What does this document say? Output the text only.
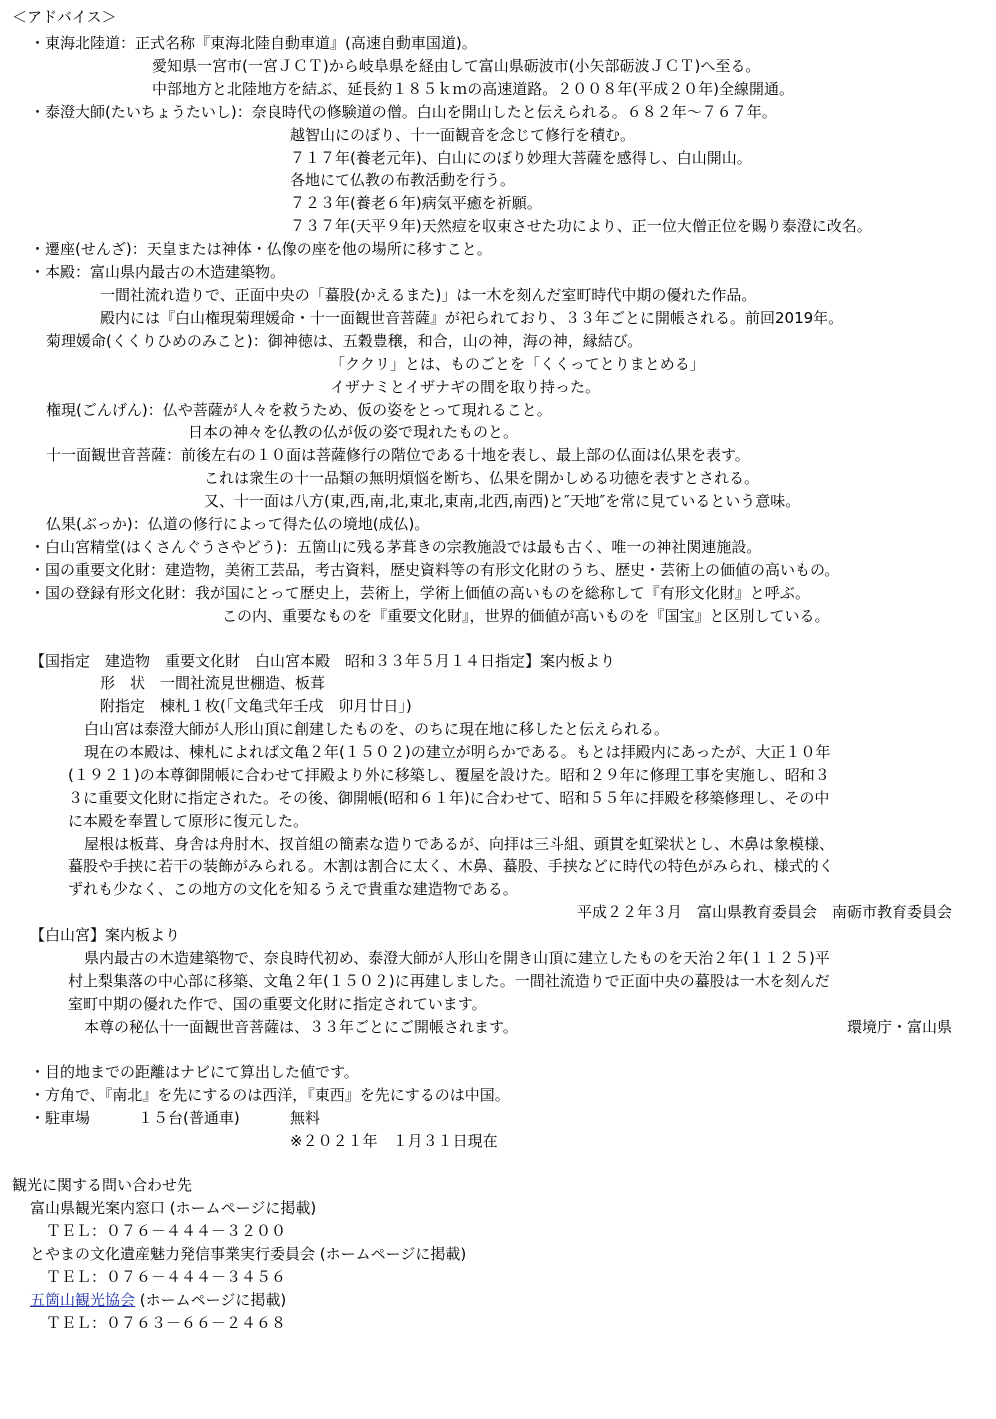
＜アドバイス＞
・東海北陸道：正式名称『東海北陸自動車道』(高速自動車国道)。
愛知県一宮市(一宮ＪＣＴ)から岐阜県を経由して富山県砺波市(小矢部砺波ＪＣＴ)へ至る。
中部地方と北陸地方を結ぶ、延長約１８５ｋｍの高速道路。２００８年(平成２０年)全線開通。
・泰澄大師(たいちょうたいし)：奈良時代の修験道の僧。白山を開山したと伝えられる。６８２年～７６７年。
越智山にのぼり、十一面観音を念じて修行を積む。
７１７年(養老元年)、白山にのぼり妙理大菩薩を感得し、白山開山。
各地にて仏教の布教活動を行う。
７２３年(養老６年)病気平癒を祈願。
７３７年(天平９年)天然痘を収束させた功により、正一位大僧正位を賜り泰澄に改名。
・遷座(せんざ)：天皇または神体・仏像の座を他の場所に移すこと。
・本殿：富山県内最古の木造建築物。
一間社流れ造りで、正面中央の「蟇股(かえるまた)」は一木を刻んだ室町時代中期の優れた作品。
殿内には『白山権現菊理媛命・十一面観世音菩薩』が祀られており、３３年ごとに開帳される。前回2019年。
菊理媛命(くくりひめのみこと)：御神徳は、五穀豊穣，和合，山の神，海の神，縁結び。
「ククリ」とは、ものごとを「くくってとりまとめる」
イザナミとイザナギの間を取り持った。
権現(ごんげん)：仏や菩薩が人々を救うため、仮の姿をとって現れること。
日本の神々を仏教の仏が仮の姿で現れたものと。
十一面観世音菩薩：前後左右の１０面は菩薩修行の階位である十地を表し、最上部の仏面は仏果を表す。
これは衆生の十一品類の無明煩悩を断ち、仏果を開かしめる功徳を表すとされる。
又、十一面は八方(東,西,南,北,東北,東南,北西,南西)と″天地″を常に見ているという意味。
仏果(ぶっか)：仏道の修行によって得た仏の境地(成仏)。
・白山宮精堂(はくさんぐうさやどう)：五箇山に残る茅葺きの宗教施設では最も古く、唯一の神社関連施設。
・国の重要文化財：建造物，美術工芸品，考古資料，歴史資料等の有形文化財のうち、歴史・芸術上の価値の高いもの。
・国の登録有形文化財：我が国にとって歴史上，芸術上，学術上価値の高いものを総称して『有形文化財』と呼ぶ。
この内、重要なものを『重要文化財』，世界的価値が高いものを『国宝』と区別している。
【国指定　建造物　重要文化財　白山宮本殿　昭和３３年５月１４日指定】案内板より
形　状　一間社流見世棚造、板葺
附指定　棟札１枚(「文亀弐年壬戌　卯月廿日」)
白山宮は泰澄大師が人形山頂に創建したものを、のちに現在地に移したと伝えられる。
現在の本殿は、棟札によれば文亀２年(１５０２)の建立が明らかである。もとは拝殿内にあったが、大正１０年
(１９２１)の本尊御開帳に合わせて拝殿より外に移築し、覆屋を設けた。昭和２９年に修理工事を実施し、昭和３
３に重要文化財に指定された。その後、御開帳(昭和６１年)に合わせて、昭和５５年に拝殿を移築修理し、その中
に本殿を奉置して原形に復元した。
屋根は板葺、身舎は舟肘木、扠首組の簡素な造りであるが、向拝は三斗組、頭貫を虹梁状とし、木鼻は象模様、
蟇股や手挟に若干の装飾がみられる。木割は割合に太く、木鼻、蟇股、手挟などに時代の特色がみられ、様式的く
ずれも少なく、この地方の文化を知るうえで貴重な建造物である。
平成２２年３月　富山県教育委員会　南砺市教育委員会
【白山宮】案内板より
県内最古の木造建築物で、奈良時代初め、泰澄大師が人形山を開き山頂に建立したものを天治２年(１１２５)平
村上梨集落の中心部に移築、文亀２年(１５０２)に再建しました。一間社流造りで正面中央の蟇股は一木を刻んだ
室町中期の優れた作で、国の重要文化財に指定されています。
本尊の秘仏十一面観世音菩薩は、３３年ごとにご開帳されます。	環境庁・富山県
・目的地までの距離はナビにて算出した値です。
・方角で、『南北』を先にするのは西洋，『東西』を先にするのは中国。
・駐車場	１５台(普通車)	無料
※２０２１年　１月３１日現在
観光に関する問い合わせ先
富山県観光案内窓口 (ホームページに掲載)
ＴＥＬ：０７６－４４４－３２００
とやまの文化遺産魅力発信事業実行委員会 (ホームページに掲載)
ＴＥＬ：０７６－４４４－３４５６
五箇山観光協会 (ホームページに掲載)
ＴＥＬ：０７６３－６６－２４６８
